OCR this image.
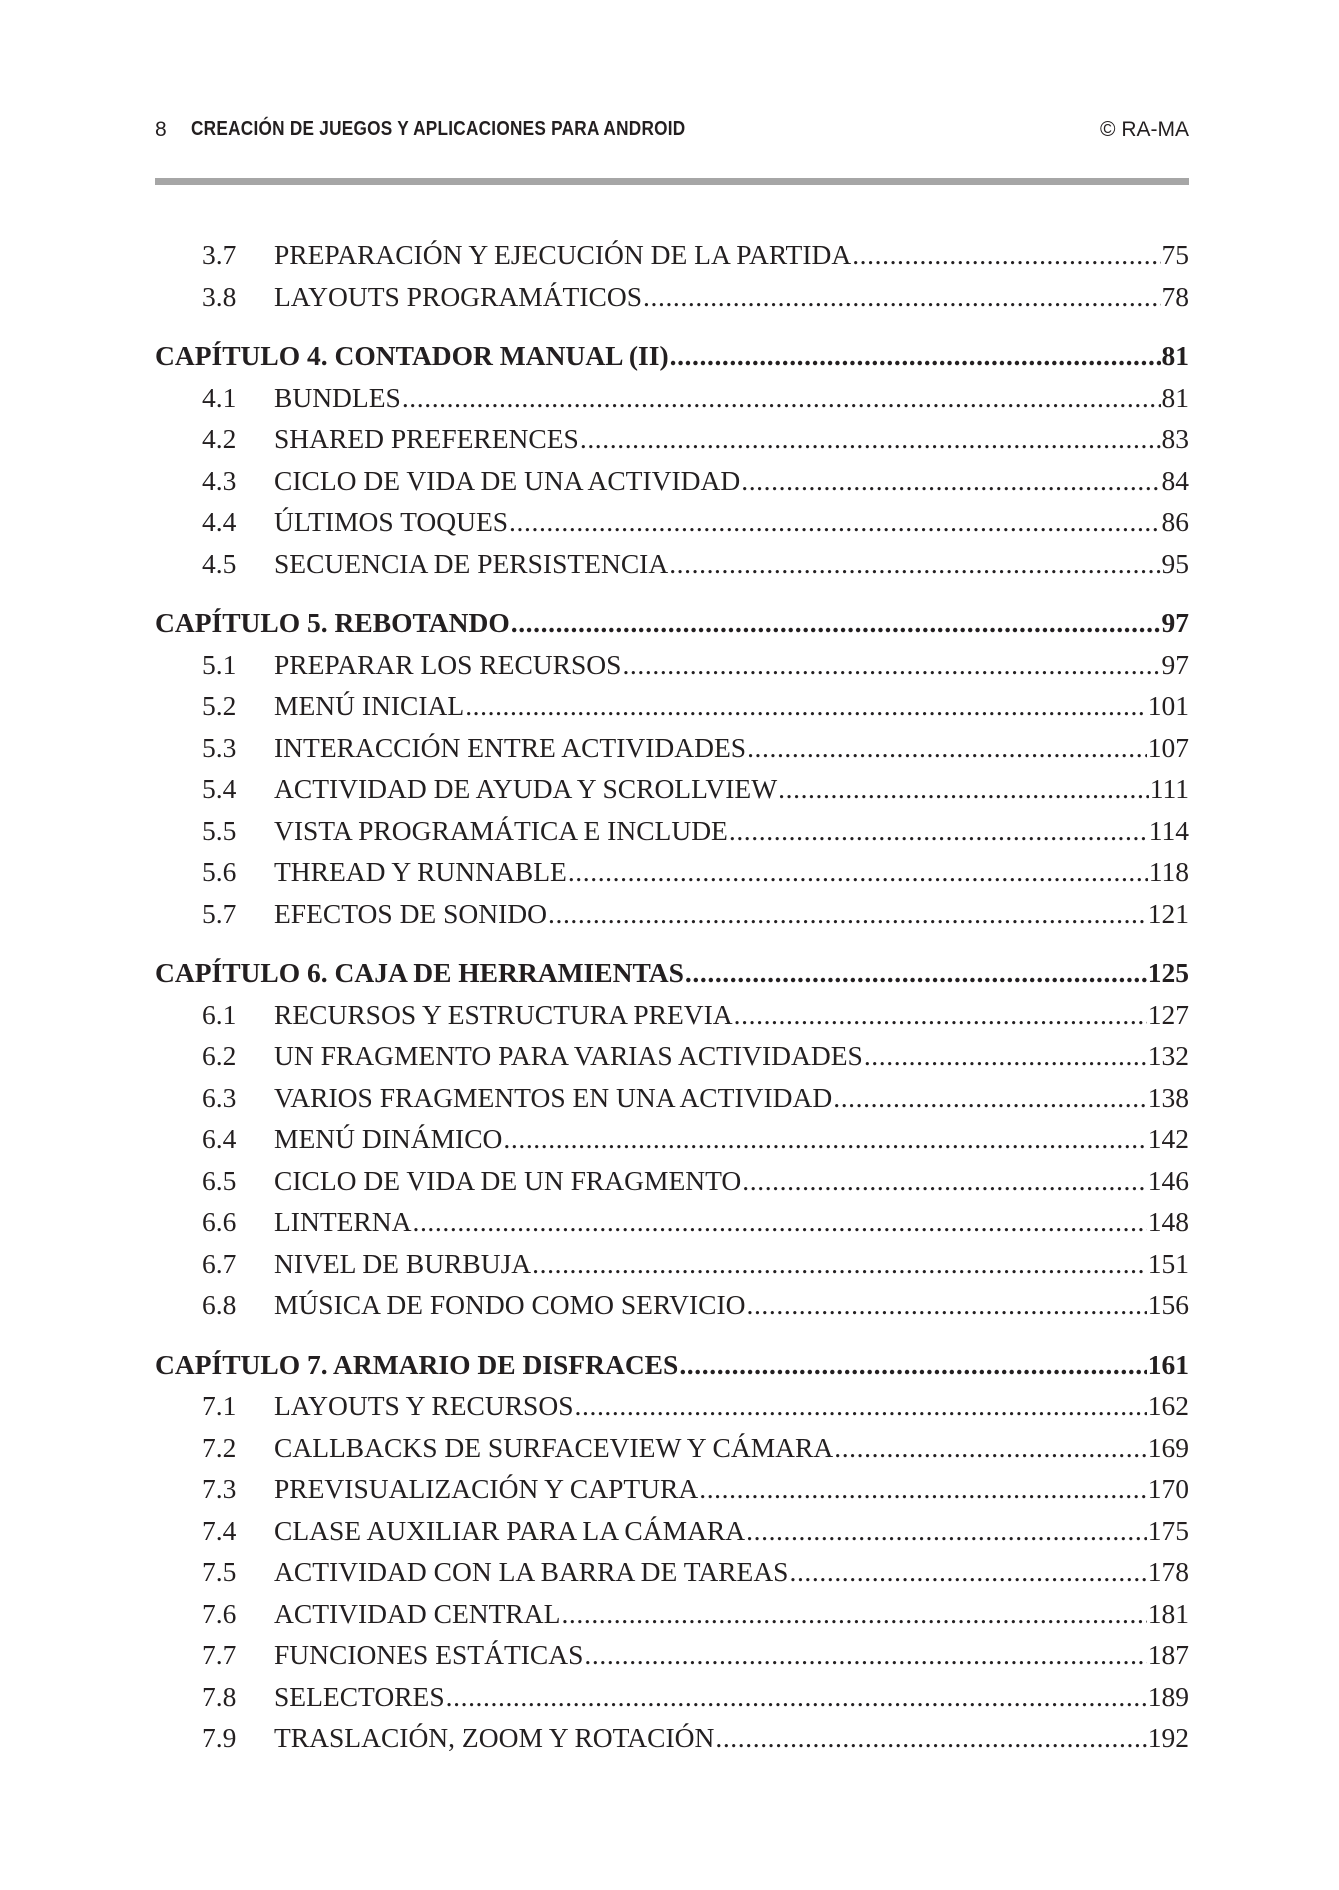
8 CREACIÓN DE JUEGOS Y APLICACIONES PARA ANDROID	© RA-MA
3.7	PREPARACIÓN Y EJECUCIÓN DE LA PARTIDA .....	75
3.8	LAYOUTS PROGRAMÁTICOS .....	78
CAPÍTULO 4. CONTADOR MANUAL (II) .....	81
4.1	BUNDLES .....	81
4.2	SHARED PREFERENCES .....	83
4.3	CICLO DE VIDA DE UNA ACTIVIDAD .....	84
4.4	ÚLTIMOS TOQUES .....	86
4.5	SECUENCIA DE PERSISTENCIA .....	95
CAPÍTULO 5. REBOTANDO .....	97
5.1	PREPARAR LOS RECURSOS .....	97
5.2	MENÚ INICIAL .....	101
5.3	INTERACCIÓN ENTRE ACTIVIDADES .....	107
5.4	ACTIVIDAD DE AYUDA Y SCROLLVIEW .....	111
5.5	VISTA PROGRAMÁTICA E INCLUDE .....	114
5.6	THREAD Y RUNNABLE .....	118
5.7	EFECTOS DE SONIDO .....	121
CAPÍTULO 6. CAJA DE HERRAMIENTAS .....	125
6.1	RECURSOS Y ESTRUCTURA PREVIA .....	127
6.2	UN FRAGMENTO PARA VARIAS ACTIVIDADES .....	132
6.3	VARIOS FRAGMENTOS EN UNA ACTIVIDAD .....	138
6.4	MENÚ DINÁMICO .....	142
6.5	CICLO DE VIDA DE UN FRAGMENTO .....	146
6.6	LINTERNA .....	148
6.7	NIVEL DE BURBUJA .....	151
6.8	MÚSICA DE FONDO COMO SERVICIO .....	156
CAPÍTULO 7. ARMARIO DE DISFRACES .....	161
7.1	LAYOUTS Y RECURSOS .....	162
7.2	CALLBACKS DE SURFACEVIEW Y CÁMARA .....	169
7.3	PREVISUALIZACIÓN Y CAPTURA .....	170
7.4	CLASE AUXILIAR PARA LA CÁMARA .....	175
7.5	ACTIVIDAD CON LA BARRA DE TAREAS .....	178
7.6	ACTIVIDAD CENTRAL .....	181
7.7	FUNCIONES ESTÁTICAS .....	187
7.8	SELECTORES .....	189
7.9	TRASLACIÓN, ZOOM Y ROTACIÓN .....	192
